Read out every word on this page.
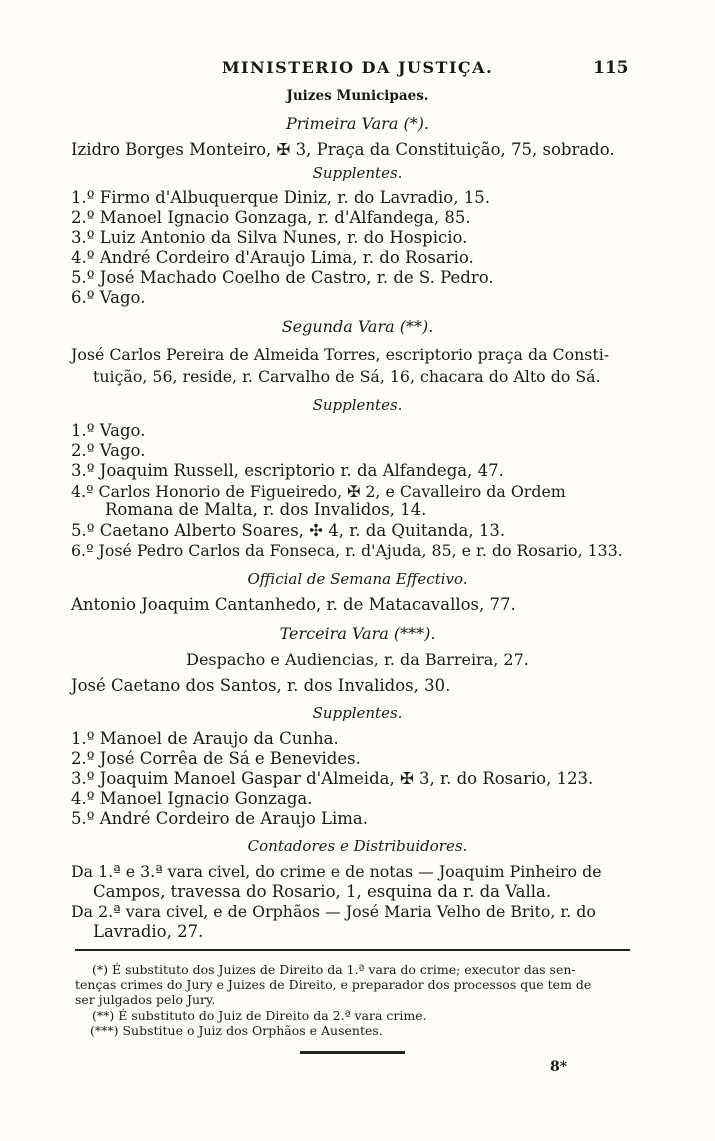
MINISTERIO DA JUSTIÇA.	115
Juizes Municipaes.
Primeira Vara (*).
Izidro Borges Monteiro, ✠ 3, Praça da Constituição, 75, sobrado.
Supplentes.
1.º Firmo d'Albuquerque Diniz, r. do Lavradio, 15.
2.º Manoel Ignacio Gonzaga, r. d'Alfandega, 85.
3.º Luiz Antonio da Silva Nunes, r. do Hospicio.
4.º André Cordeiro d'Araujo Lima, r. do Rosario.
5.º José Machado Coelho de Castro, r. de S. Pedro.
6.º Vago.
Segunda Vara (**).
José Carlos Pereira de Almeida Torres, escriptorio praça da Consti-
tuição, 56, reside, r. Carvalho de Sá, 16, chacara do Alto do Sá.
Supplentes.
1.º Vago.
2.º Vago.
3.º Joaquim Russell, escriptorio r. da Alfandega, 47.
4.º Carlos Honorio de Figueiredo, ✠ 2, e Cavalleiro da Ordem
Romana de Malta, r. dos Invalidos, 14.
5.º Caetano Alberto Soares, ✣ 4, r. da Quitanda, 13.
6.º José Pedro Carlos da Fonseca, r. d'Ajuda, 85, e r. do Rosario, 133.
Official de Semana Effectivo.
Antonio Joaquim Cantanhedo, r. de Matacavallos, 77.
Terceira Vara (***).
Despacho e Audiencias, r. da Barreira, 27.
José Caetano dos Santos, r. dos Invalidos, 30.
Supplentes.
1.º Manoel de Araujo da Cunha.
2.º José Corrêa de Sá e Benevides.
3.º Joaquim Manoel Gaspar d'Almeida, ✠ 3, r. do Rosario, 123.
4.º Manoel Ignacio Gonzaga.
5.º André Cordeiro de Araujo Lima.
Contadores e Distribuidores.
Da 1.ª e 3.ª vara civel, do crime e de notas — Joaquim Pinheiro de
Campos, travessa do Rosario, 1, esquina da r. da Valla.
Da 2.ª vara civel, e de Orphãos — José Maria Velho de Brito, r. do
Lavradio, 27.
(*) É substituto dos Juizes de Direito da 1.ª vara do crime; executor das sen-
tenças crimes do Jury e Juizes de Direito, e preparador dos processos que tem de
ser julgados pelo Jury.
(**) É substituto do Juiz de Direito da 2.ª vara crime.
(***) Substitue o Juiz dos Orphãos e Ausentes.
8*
